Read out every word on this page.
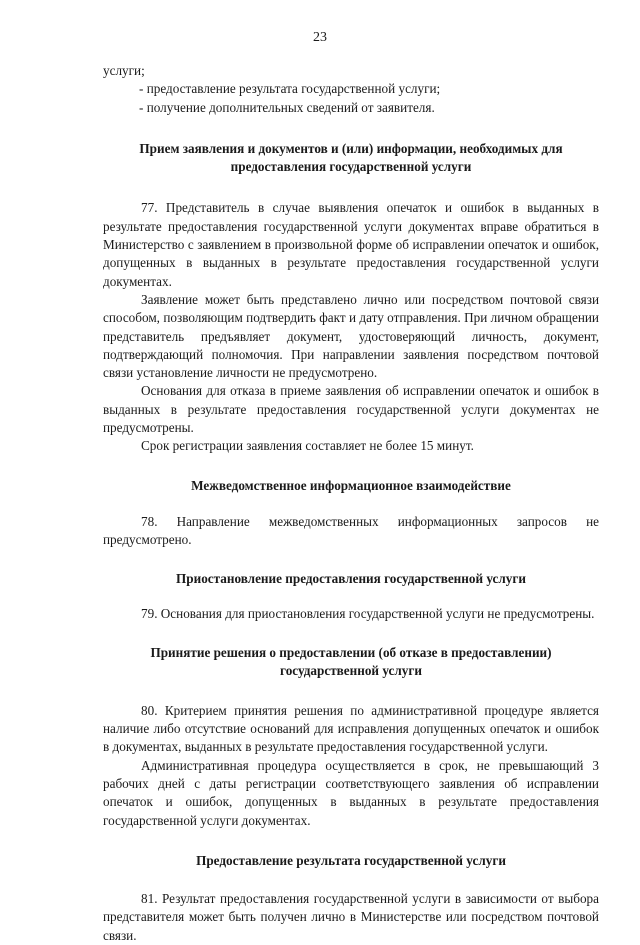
23

услуги;

- предоставление результата государственной услуги;

- получение дополнительных сведений от заявителя.

Прием заявления и документов и (или) информации, необходимых для
предоставления государственной услуги

77. Представитель в случае выявления опечаток и ошибок в выданных в результате предоставления государственной услуги документах вправе обратиться в Министерство с заявлением в произвольной форме об исправлении опечаток и ошибок, допущенных в выданных в результате предоставления государственной услуги документах.

Заявление может быть представлено лично или посредством почтовой связи способом, позволяющим подтвердить факт и дату отправления. При личном обращении представитель предъявляет документ, удостоверяющий личность, документ, подтверждающий полномочия. При направлении заявления посредством почтовой связи установление личности не предусмотрено.

Основания для отказа в приеме заявления об исправлении опечаток и ошибок в выданных в результате предоставления государственной услуги документах не предусмотрены.

Срок регистрации заявления составляет не более 15 минут.

Межведомственное информационное взаимодействие

78. Направление межведомственных информационных запросов не предусмотрено.

Приостановление предоставления государственной услуги

79. Основания для приостановления государственной услуги не предусмотрены.

Принятие решения о предоставлении (об отказе в предоставлении)
государственной услуги

80. Критерием принятия решения по административной процедуре является наличие либо отсутствие оснований для исправления допущенных опечаток и ошибок в документах, выданных в результате предоставления государственной услуги.

Административная процедура осуществляется в срок, не превышающий 3 рабочих дней с даты регистрации соответствующего заявления об исправлении опечаток и ошибок, допущенных в выданных в результате предоставления государственной услуги документах.

Предоставление результата государственной услуги

81. Результат предоставления государственной услуги в зависимости от выбора представителя может быть получен лично в Министерстве или посредством почтовой связи.
